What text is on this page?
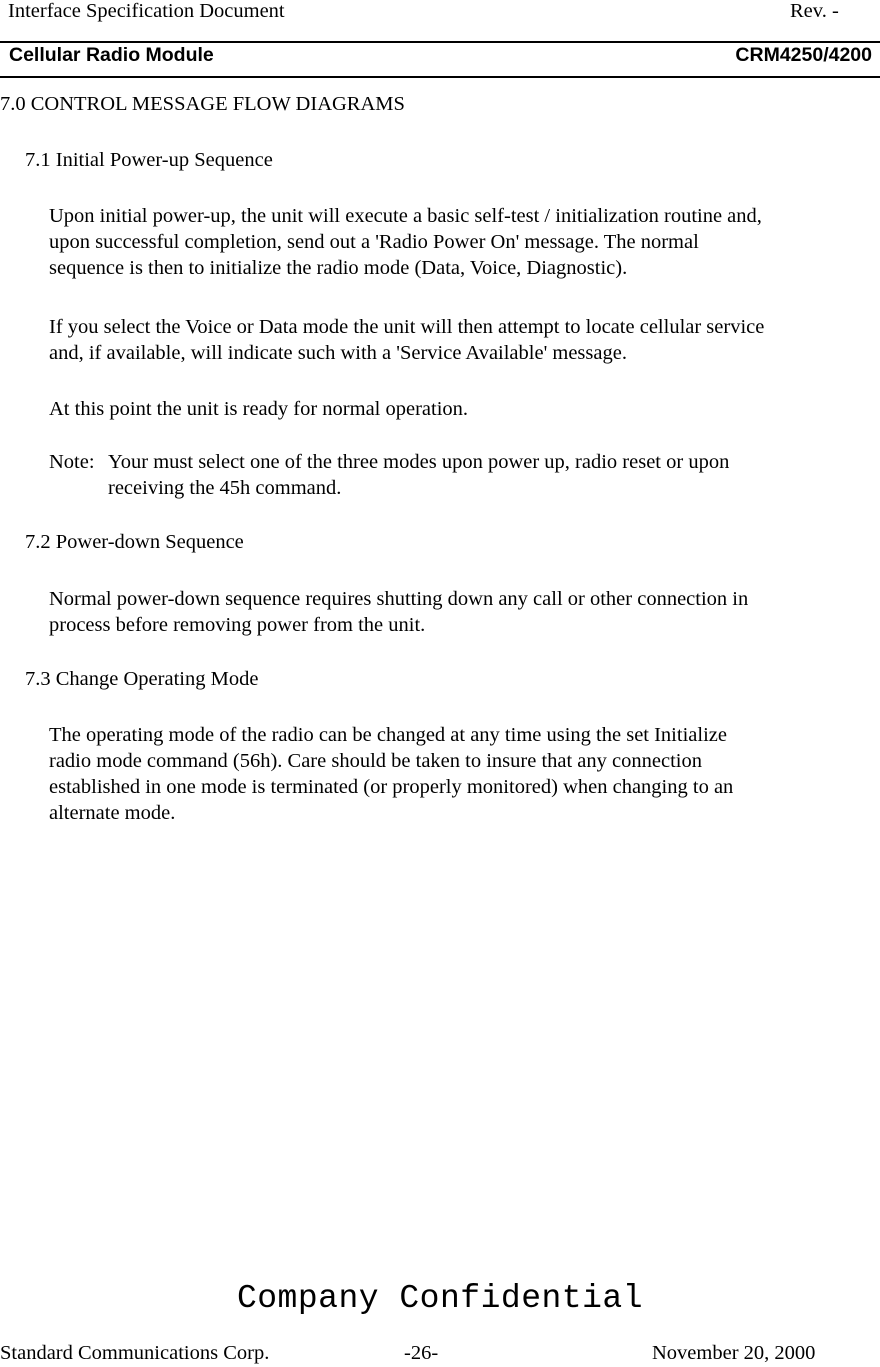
Interface Specification Document	Rev. -
Cellular Radio Module	CRM4250/4200
7.0 CONTROL MESSAGE FLOW DIAGRAMS
7.1 Initial Power-up Sequence
Upon initial power-up, the unit will execute a basic self-test / initialization routine and,
upon successful completion, send out a 'Radio Power On' message. The normal
sequence is then to initialize the radio mode (Data, Voice, Diagnostic).
If you select the Voice or Data mode the unit will then attempt to locate cellular service
and, if available, will indicate such with a 'Service Available' message.
At this point the unit is ready for normal operation.
Note: Your must select one of the three modes upon power up, radio reset or upon
receiving the 45h command.
7.2 Power-down Sequence
Normal power-down sequence requires shutting down any call or other connection in
process before removing power from the unit.
7.3 Change Operating Mode
The operating mode of the radio can be changed at any time using the set Initialize
radio mode command (56h). Care should be taken to insure that any connection
established in one mode is terminated (or properly monitored) when changing to an
alternate mode.
Company Confidential
Standard Communications Corp.	-26-	November 20, 2000
